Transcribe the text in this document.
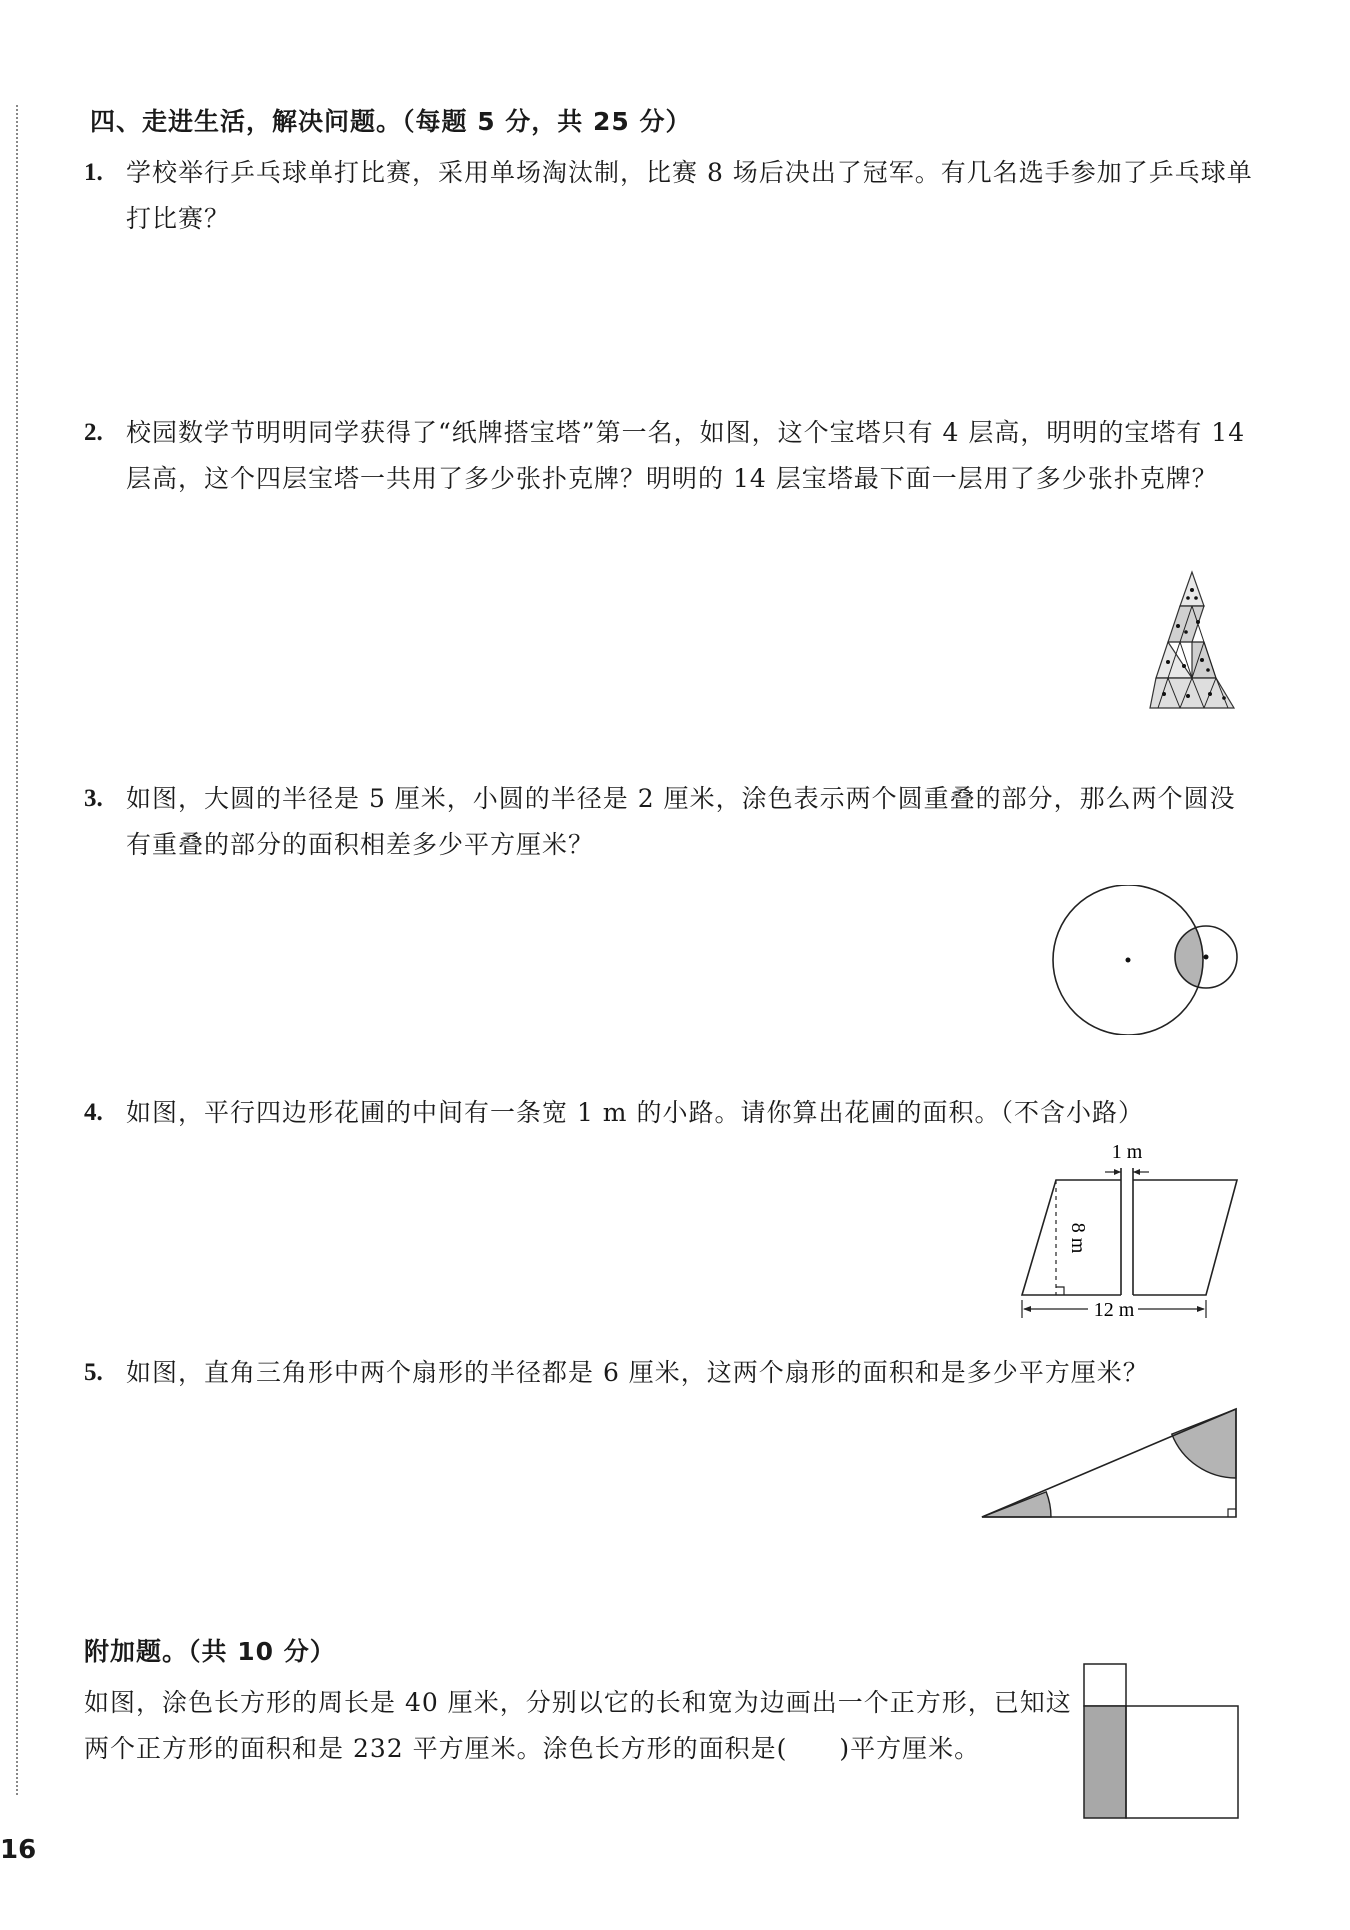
四、走进生活，解决问题。（每题 5 分，共 25 分）
1. 学校举行乒乓球单打比赛，采用单场淘汰制，比赛 8 场后决出了冠军。有几名选手参加了乒乓球单打比赛？
2. 校园数学节明明同学获得了“纸牌搭宝塔”第一名，如图，这个宝塔只有 4 层高，明明的宝塔有 14 层高，这个四层宝塔一共用了多少张扑克牌？明明的 14 层宝塔最下面一层用了多少张扑克牌？
3. 如图，大圆的半径是 5 厘米，小圆的半径是 2 厘米，涂色表示两个圆重叠的部分，那么两个圆没有重叠的部分的面积相差多少平方厘米？
4. 如图，平行四边形花圃的中间有一条宽 1 m 的小路。请你算出花圃的面积。（不含小路）
1 m
8 m
12 m
5. 如图，直角三角形中两个扇形的半径都是 6 厘米，这两个扇形的面积和是多少平方厘米？
附加题。（共 10 分）
如图，涂色长方形的周长是 40 厘米，分别以它的长和宽为边画出一个正方形，已知这两个正方形的面积和是 232 平方厘米。涂色长方形的面积是(　　)平方厘米。
16
